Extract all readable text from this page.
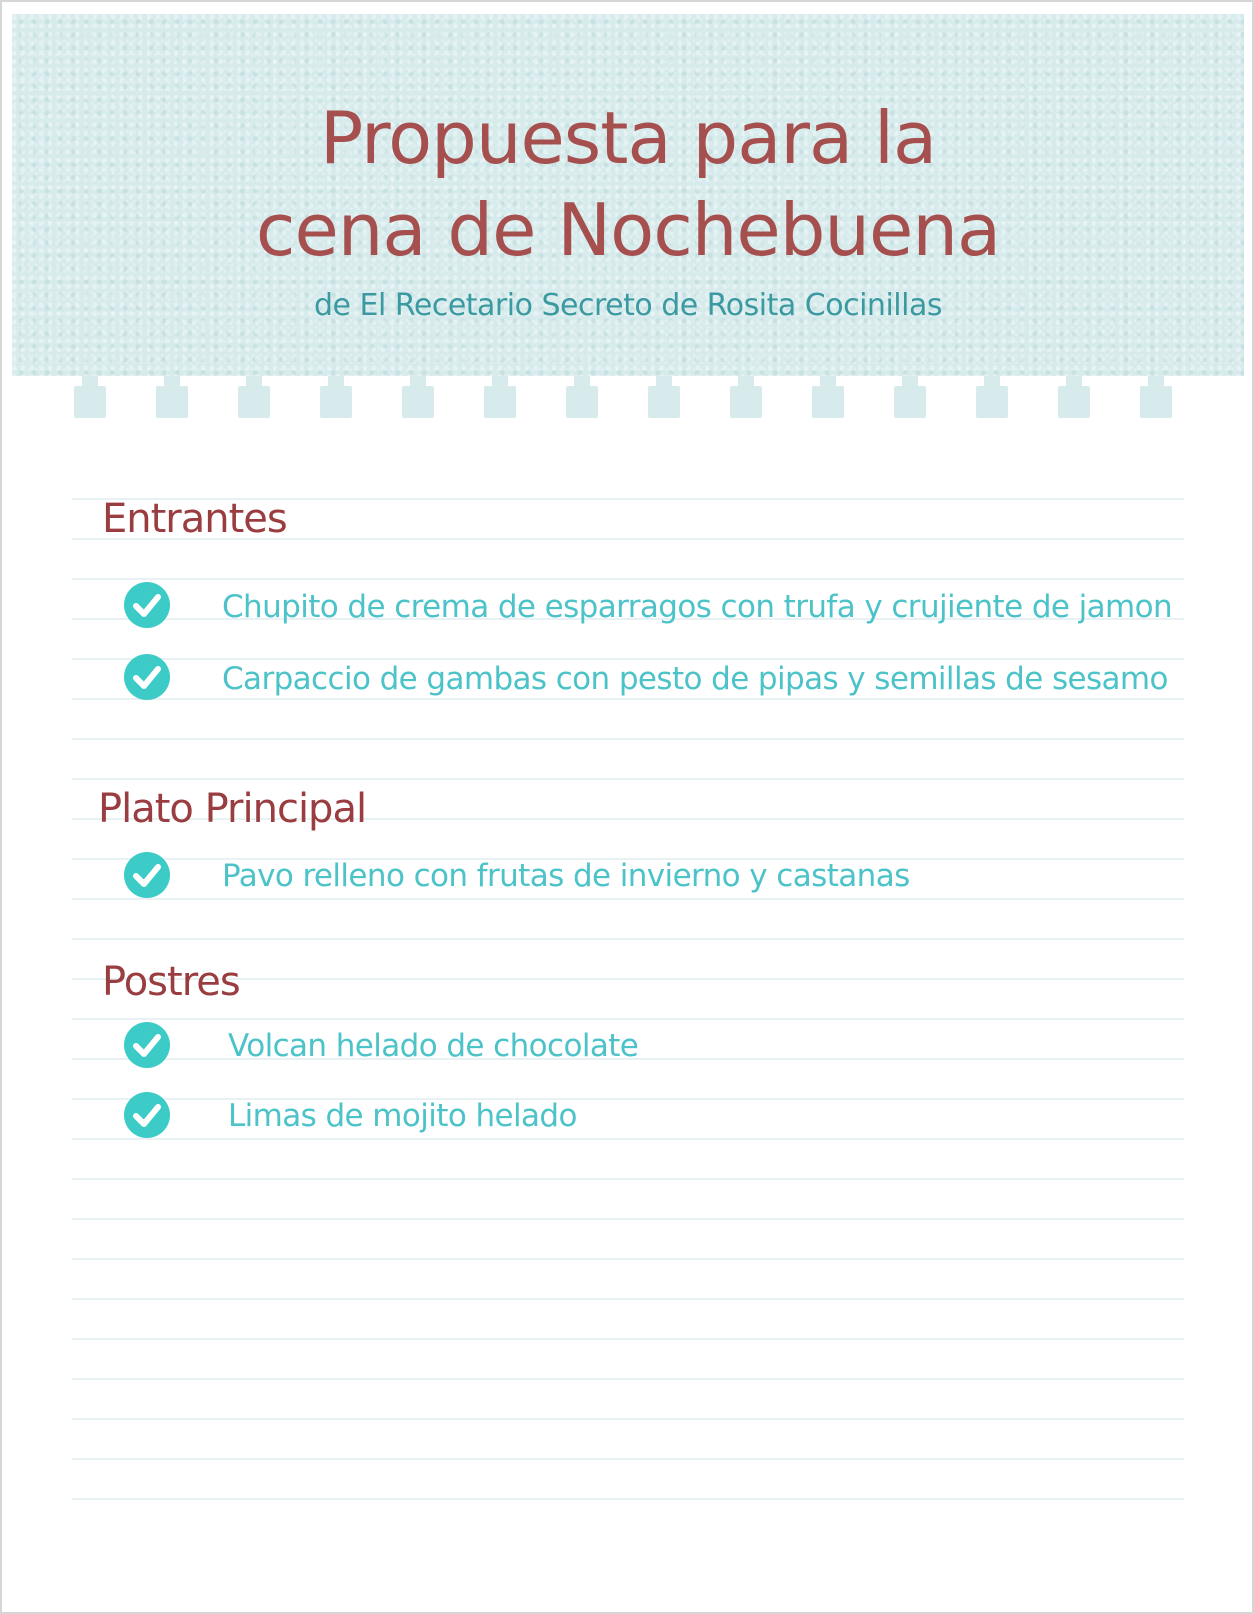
Propuesta para la
cena de Nochebuena
de El Recetario Secreto de Rosita Cocinillas
Entrantes
Chupito de crema de esparragos con trufa y crujiente de jamon
Carpaccio de gambas con pesto de pipas y semillas de sesamo
Plato Principal
Pavo relleno con frutas de invierno y castanas
Postres
Volcan helado de chocolate
Limas de mojito helado
